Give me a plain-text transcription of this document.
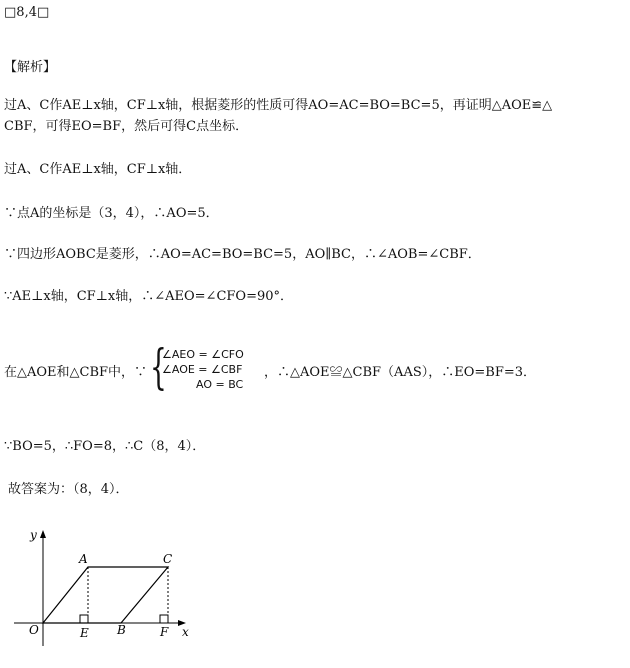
□8,4□
【解析】
过A、C作AE⊥x轴，CF⊥x轴，根据菱形的性质可得AO=AC=BO=BC=5，再证明△AOE≌△
CBF，可得EO=BF，然后可得C点坐标．
过A、C作AE⊥x轴，CF⊥x轴．
∵点A的坐标是（3，4），∴AO=5．
∵四边形AOBC是菱形，∴AO=AC=BO=BC=5，AO∥BC，∴∠AOB=∠CBF．
∵AE⊥x轴，CF⊥x轴，∴∠AEO=∠CFO=90°．
在△AOE和△CBF中，∵ {
∠AEO = ∠CFO
∠AOE = ∠CBF
AO = BC
，∴△AOE≌△CBF（AAS），∴EO=BF=3．
∵BO=5，∴FO=8，∴C（8，4）．
故答案为：（8，4）．
y
x
O
A	C
E B	F
